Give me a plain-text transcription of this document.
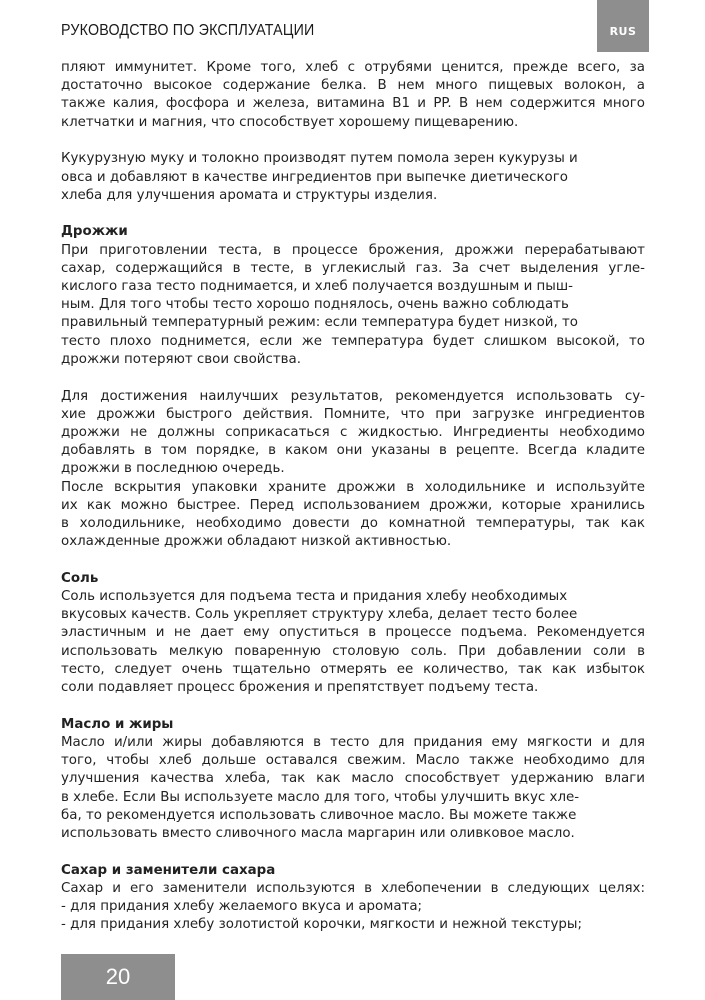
РУКОВОДСТВО ПО ЭКСПЛУАТАЦИИ	RUS

пляют иммунитет. Кроме того, хлеб с отрубями ценится, прежде всего, за
достаточно высокое содержание белка. В нем много пищевых волокон, а
также калия, фосфора и железа, витамина B1 и PP. В нем содержится много
клетчатки и магния, что способствует хорошему пищеварению.

Кукурузную муку и толокно производят путем помола зерен кукурузы и
овса и добавляют в качестве ингредиентов при выпечке диетического
хлеба для улучшения аромата и структуры изделия.

Дрожжи

При приготовлении теста, в процессе брожения, дрожжи перерабатывают
сахар, содержащийся в тесте, в углекислый газ. За счет выделения угле-
кислого газа тесто поднимается, и хлеб получается воздушным и пыш-
ным. Для того чтобы тесто хорошо поднялось, очень важно соблюдать
правильный температурный режим: если температура будет низкой, то
тесто плохо поднимется, если же температура будет слишком высокой, то
дрожжи потеряют свои свойства.

Для достижения наилучших результатов, рекомендуется использовать су-
хие дрожжи быстрого действия. Помните, что при загрузке ингредиентов
дрожжи не должны соприкасаться с жидкостью. Ингредиенты необходимо
добавлять в том порядке, в каком они указаны в рецепте. Всегда кладите
дрожжи в последнюю очередь.

После вскрытия упаковки храните дрожжи в холодильнике и используйте
их как можно быстрее. Перед использованием дрожжи, которые хранились
в холодильнике, необходимо довести до комнатной температуры, так как
охлажденные дрожжи обладают низкой активностью.

Соль

Соль используется для подъема теста и придания хлебу необходимых
вкусовых качеств. Соль укрепляет структуру хлеба, делает тесто более
эластичным и не дает ему опуститься в процессе подъема. Рекомендуется
использовать мелкую поваренную столовую соль. При добавлении соли в
тесто, следует очень тщательно отмерять ее количество, так как избыток
соли подавляет процесс брожения и препятствует подъему теста.

Масло и жиры

Масло и/или жиры добавляются в тесто для придания ему мягкости и для
того, чтобы хлеб дольше оставался свежим. Масло также необходимо для
улучшения качества хлеба, так как масло способствует удержанию влаги
в хлебе. Если Вы используете масло для того, чтобы улучшить вкус хле-
ба, то рекомендуется использовать сливочное масло. Вы можете также
использовать вместо сливочного масла маргарин или оливковое масло.

Сахар и заменители сахара

Сахар и его заменители используются в хлебопечении в следующих целях:
- для придания хлебу желаемого вкуса и аромата;
- для придания хлебу золотистой корочки, мягкости и нежной текстуры;

20
